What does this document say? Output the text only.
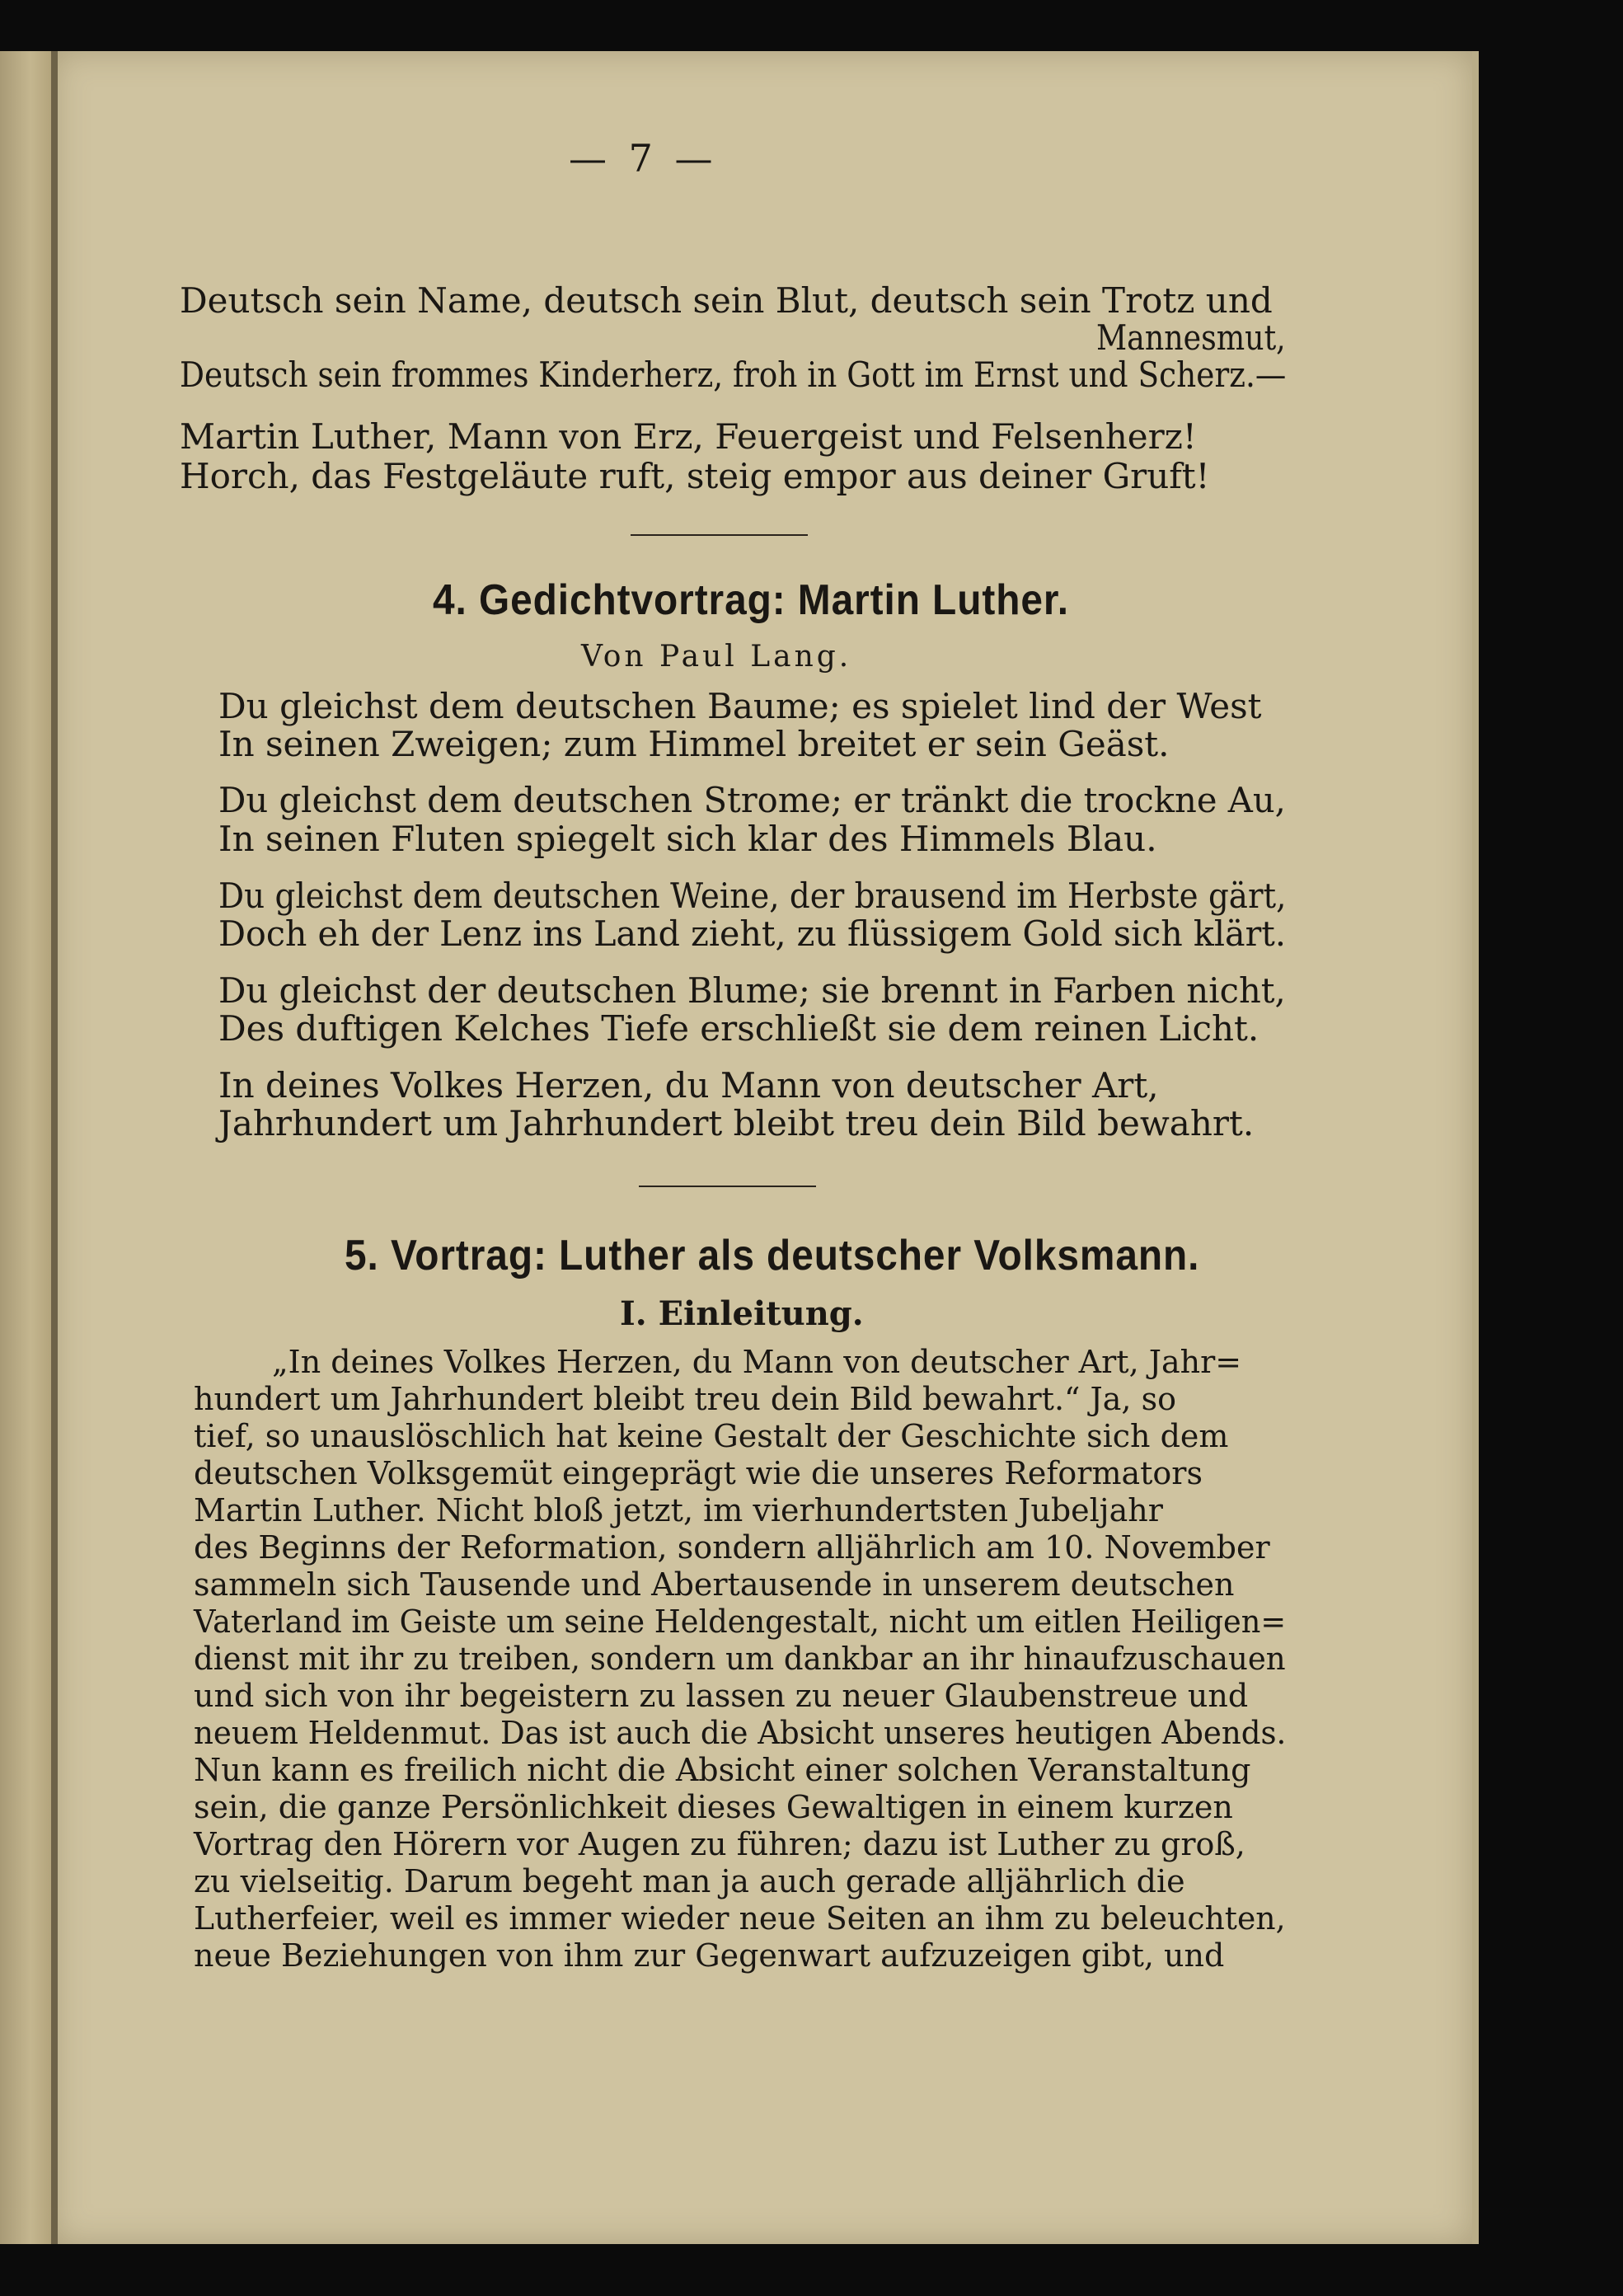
— 7 —

Deutsch sein Name, deutsch sein Blut, deutsch sein Trotz und

Mannesmut,

Deutsch sein frommes Kinderherz, froh in Gott im Ernst und Scherz.—

Martin Luther, Mann von Erz, Feuergeist und Felsenherz!

Horch, das Festgeläute ruft, steig empor aus deiner Gruft!

4. Gedichtvortrag: Martin Luther.

Von Paul Lang.

Du gleichst dem deutschen Baume; es spielet lind der West

In seinen Zweigen; zum Himmel breitet er sein Geäst.

Du gleichst dem deutschen Strome; er tränkt die trockne Au,

In seinen Fluten spiegelt sich klar des Himmels Blau.

Du gleichst dem deutschen Weine, der brausend im Herbste gärt,

Doch eh der Lenz ins Land zieht, zu flüssigem Gold sich klärt.

Du gleichst der deutschen Blume; sie brennt in Farben nicht,

Des duftigen Kelches Tiefe erschließt sie dem reinen Licht.

In deines Volkes Herzen, du Mann von deutscher Art,

Jahrhundert um Jahrhundert bleibt treu dein Bild bewahrt.

5. Vortrag: Luther als deutscher Volksmann.

I. Einleitung.

„In deines Volkes Herzen, du Mann von deutscher Art, Jahr=

hundert um Jahrhundert bleibt treu dein Bild bewahrt.“ Ja, so

tief, so unauslöschlich hat keine Gestalt der Geschichte sich dem

deutschen Volksgemüt eingeprägt wie die unseres Reformators

Martin Luther. Nicht bloß jetzt, im vierhundertsten Jubeljahr

des Beginns der Reformation, sondern alljährlich am 10. November

sammeln sich Tausende und Abertausende in unserem deutschen

Vaterland im Geiste um seine Heldengestalt, nicht um eitlen Heiligen=

dienst mit ihr zu treiben, sondern um dankbar an ihr hinaufzuschauen

und sich von ihr begeistern zu lassen zu neuer Glaubenstreue und

neuem Heldenmut. Das ist auch die Absicht unseres heutigen Abends.

Nun kann es freilich nicht die Absicht einer solchen Veranstaltung

sein, die ganze Persönlichkeit dieses Gewaltigen in einem kurzen

Vortrag den Hörern vor Augen zu führen; dazu ist Luther zu groß,

zu vielseitig. Darum begeht man ja auch gerade alljährlich die

Lutherfeier, weil es immer wieder neue Seiten an ihm zu beleuchten,

neue Beziehungen von ihm zur Gegenwart aufzuzeigen gibt, und
